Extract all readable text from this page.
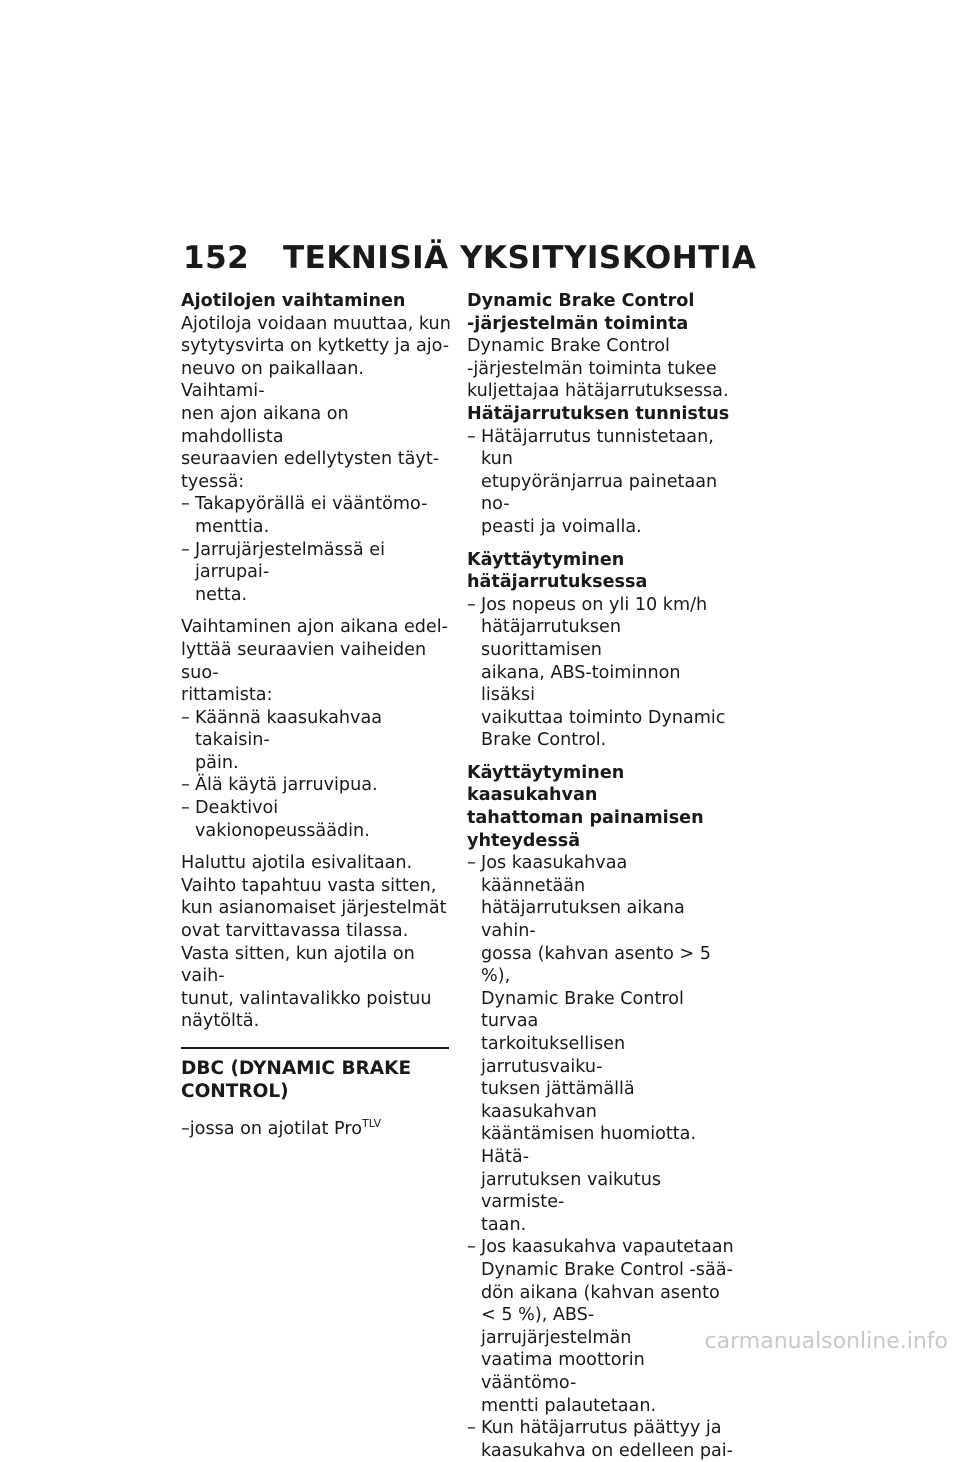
152 TEKNISIÄ YKSITYISKOHTIA

Ajotilojen vaihtaminen

Ajotiloja voidaan muuttaa, kun
sytytysvirta on kytketty ja ajo-
neuvo on paikallaan. Vaihtami-
nen ajon aikana on mahdollista
seuraavien edellytysten täyt-
tyessä:

– Takapyörällä ei vääntömo-
menttia.

– Jarrujärjestelmässä ei jarrupai-
netta.

Vaihtaminen ajon aikana edel-
lyttää seuraavien vaiheiden suo-
rittamista:

– Käännä kaasukahvaa takaisin-
päin.

– Älä käytä jarruvipua.

– Deaktivoi vakionopeussäädin.

Haluttu ajotila esivalitaan.
Vaihto tapahtuu vasta sitten,
kun asianomaiset järjestelmät
ovat tarvittavassa tilassa.
Vasta sitten, kun ajotila on vaih-
tunut, valintavalikko poistuu
näytöltä.

DBC (DYNAMIC BRAKE
CONTROL)

–jossa on ajotilat Pro$^{TLV}$

Dynamic Brake Control
-järjestelmän toiminta

Dynamic Brake Control
-järjestelmän toiminta tukee
kuljettajaa hätäjarrutuksessa.

Hätäjarrutuksen tunnistus

– Hätäjarrutus tunnistetaan, kun
etupyöränjarrua painetaan no-
peasti ja voimalla.

Käyttäytyminen
hätäjarrutuksessa

– Jos nopeus on yli 10 km/h
hätäjarrutuksen suorittamisen
aikana, ABS-toiminnon lisäksi
vaikuttaa toiminto Dynamic
Brake Control.

Käyttäytyminen kaasukahvan
tahattoman painamisen
yhteydessä

– Jos kaasukahvaa käännetään
hätäjarrutuksen aikana vahin-
gossa (kahvan asento > 5 %),
Dynamic Brake Control turvaa
tarkoituksellisen jarrutusvaiku-
tuksen jättämällä kaasukahvan
kääntämisen huomiotta. Hätä-
jarrutuksen vaikutus varmiste-
taan.

– Jos kaasukahva vapautetaan
Dynamic Brake Control -sää-
dön aikana (kahvan asento
< 5 %), ABS-jarrujärjestelmän
vaatima moottorin vääntömo-
mentti palautetaan.

– Kun hätäjarrutus päättyy ja
kaasukahva on edelleen pai-

carmanualsonline.info
